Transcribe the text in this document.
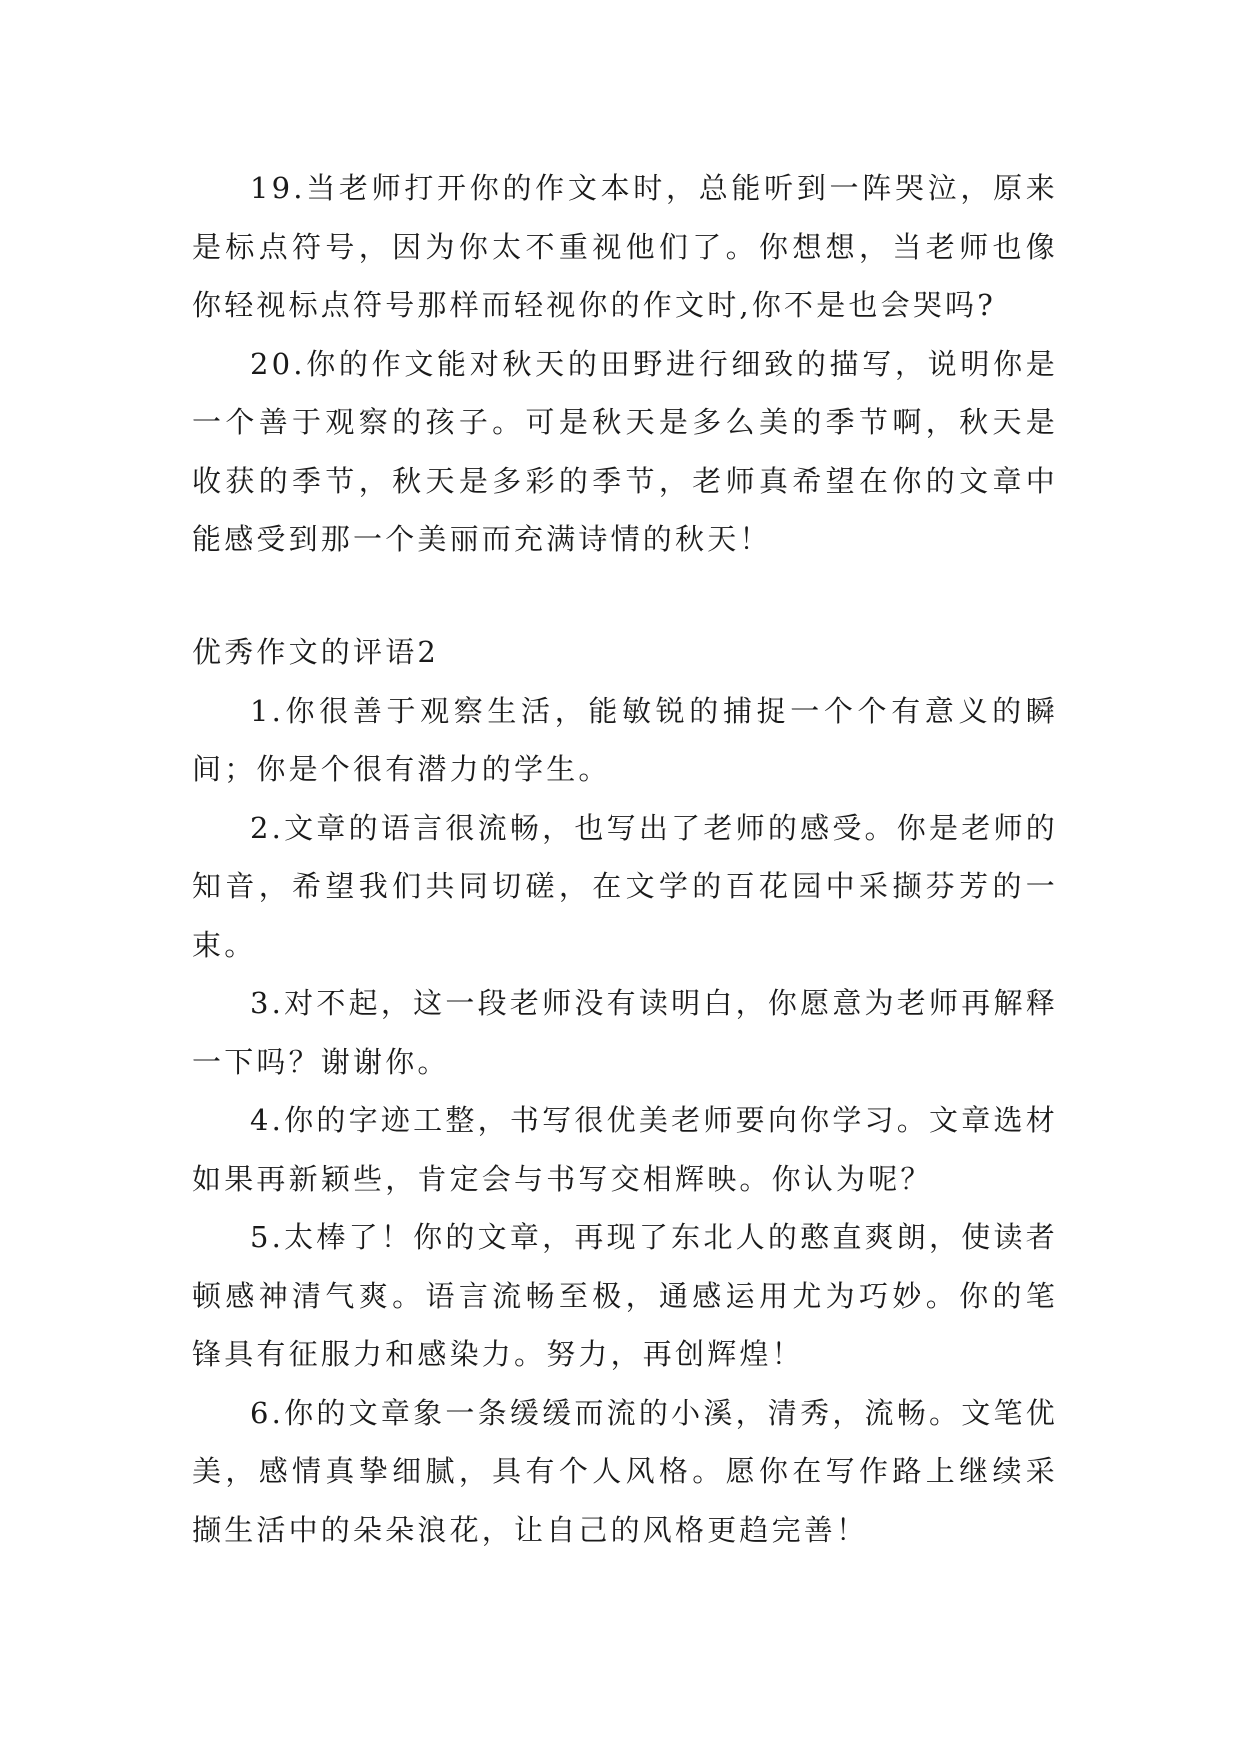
19.当老师打开你的作文本时，总能听到一阵哭泣，原来是标点符号，因为你太不重视他们了。你想想，当老师也像你轻视标点符号那样而轻视你的作文时,你不是也会哭吗?

20.你的作文能对秋天的田野进行细致的描写，说明你是一个善于观察的孩子。可是秋天是多么美的季节啊，秋天是收获的季节，秋天是多彩的季节，老师真希望在你的文章中能感受到那一个美丽而充满诗情的秋天！

优秀作文的评语2

1.你很善于观察生活，能敏锐的捕捉一个个有意义的瞬间；你是个很有潜力的学生。

2.文章的语言很流畅，也写出了老师的感受。你是老师的知音，希望我们共同切磋，在文学的百花园中采撷芬芳的一束。

3.对不起，这一段老师没有读明白，你愿意为老师再解释一下吗？谢谢你。

4.你的字迹工整，书写很优美老师要向你学习。文章选材如果再新颖些，肯定会与书写交相辉映。你认为呢？

5.太棒了！你的文章，再现了东北人的憨直爽朗，使读者顿感神清气爽。语言流畅至极，通感运用尤为巧妙。你的笔锋具有征服力和感染力。努力，再创辉煌！

6.你的文章象一条缓缓而流的小溪，清秀，流畅。文笔优美，感情真挚细腻，具有个人风格。愿你在写作路上继续采撷生活中的朵朵浪花，让自己的风格更趋完善！
